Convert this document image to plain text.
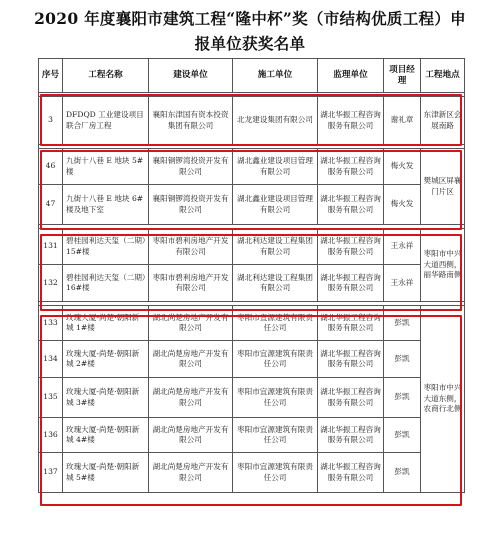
2020 年度襄阳市建筑工程“隆中杯”奖（市结构优质工程）申
报单位获奖名单
序号	工程名称	建设单位	施工单位	监理单位	项目经理	工程地点

3	DFDQD 工业建设项目联合厂房工程	襄阳东津国有资本投资集团有限公司	北龙建设集团有限公司	湖北华振工程咨询服务有限公司	谢礼章	东津新区会展南路

46	九街十八巷 E 地块 5#楼	襄阳铜锣湾投资开发有限公司	湖北鑫业建设项目管理有限公司	湖北华振工程咨询服务有限公司	梅火发	樊城区屏襄门片区
47	九街十八巷 E 地块 6#楼及地下室	襄阳铜锣湾投资开发有限公司	湖北鑫业建设项目管理有限公司	湖北华振工程咨询服务有限公司	梅火发	

131	碧桂园利达天玺（二期）15#楼	枣阳市碧利房地产开发有限公司	湖北利达建设工程集团有限公司	湖北华振工程咨询服务有限公司	王永祥	枣阳市中兴大道西侧，丽华路南侧
132	碧桂园利达天玺（二期）16#楼	枣阳市碧利房地产开发有限公司	湖北利达建设工程集团有限公司	湖北华振工程咨询服务有限公司	王永祥	

133	玫瑰大厦-尚楚·朝阳新城 1#楼	湖北尚楚房地产开发有限公司	枣阳市宜源建筑有限责任公司	湖北华振工程咨询服务有限公司	彭凯	枣阳市中兴大道东侧，农商行北侧
134	玫瑰大厦-尚楚·朝阳新城 2#楼	湖北尚楚房地产开发有限公司	枣阳市宜源建筑有限责任公司	湖北华振工程咨询服务有限公司	彭凯	
135	玫瑰大厦-尚楚·朝阳新城 3#楼	湖北尚楚房地产开发有限公司	枣阳市宜源建筑有限责任公司	湖北华振工程咨询服务有限公司	彭凯	
136	玫瑰大厦-尚楚·朝阳新城 4#楼	湖北尚楚房地产开发有限公司	枣阳市宜源建筑有限责任公司	湖北华振工程咨询服务有限公司	彭凯	
137	玫瑰大厦-尚楚·朝阳新城 5#楼	湖北尚楚房地产开发有限公司	枣阳市宜源建筑有限责任公司	湖北华振工程咨询服务有限公司	彭凯	
